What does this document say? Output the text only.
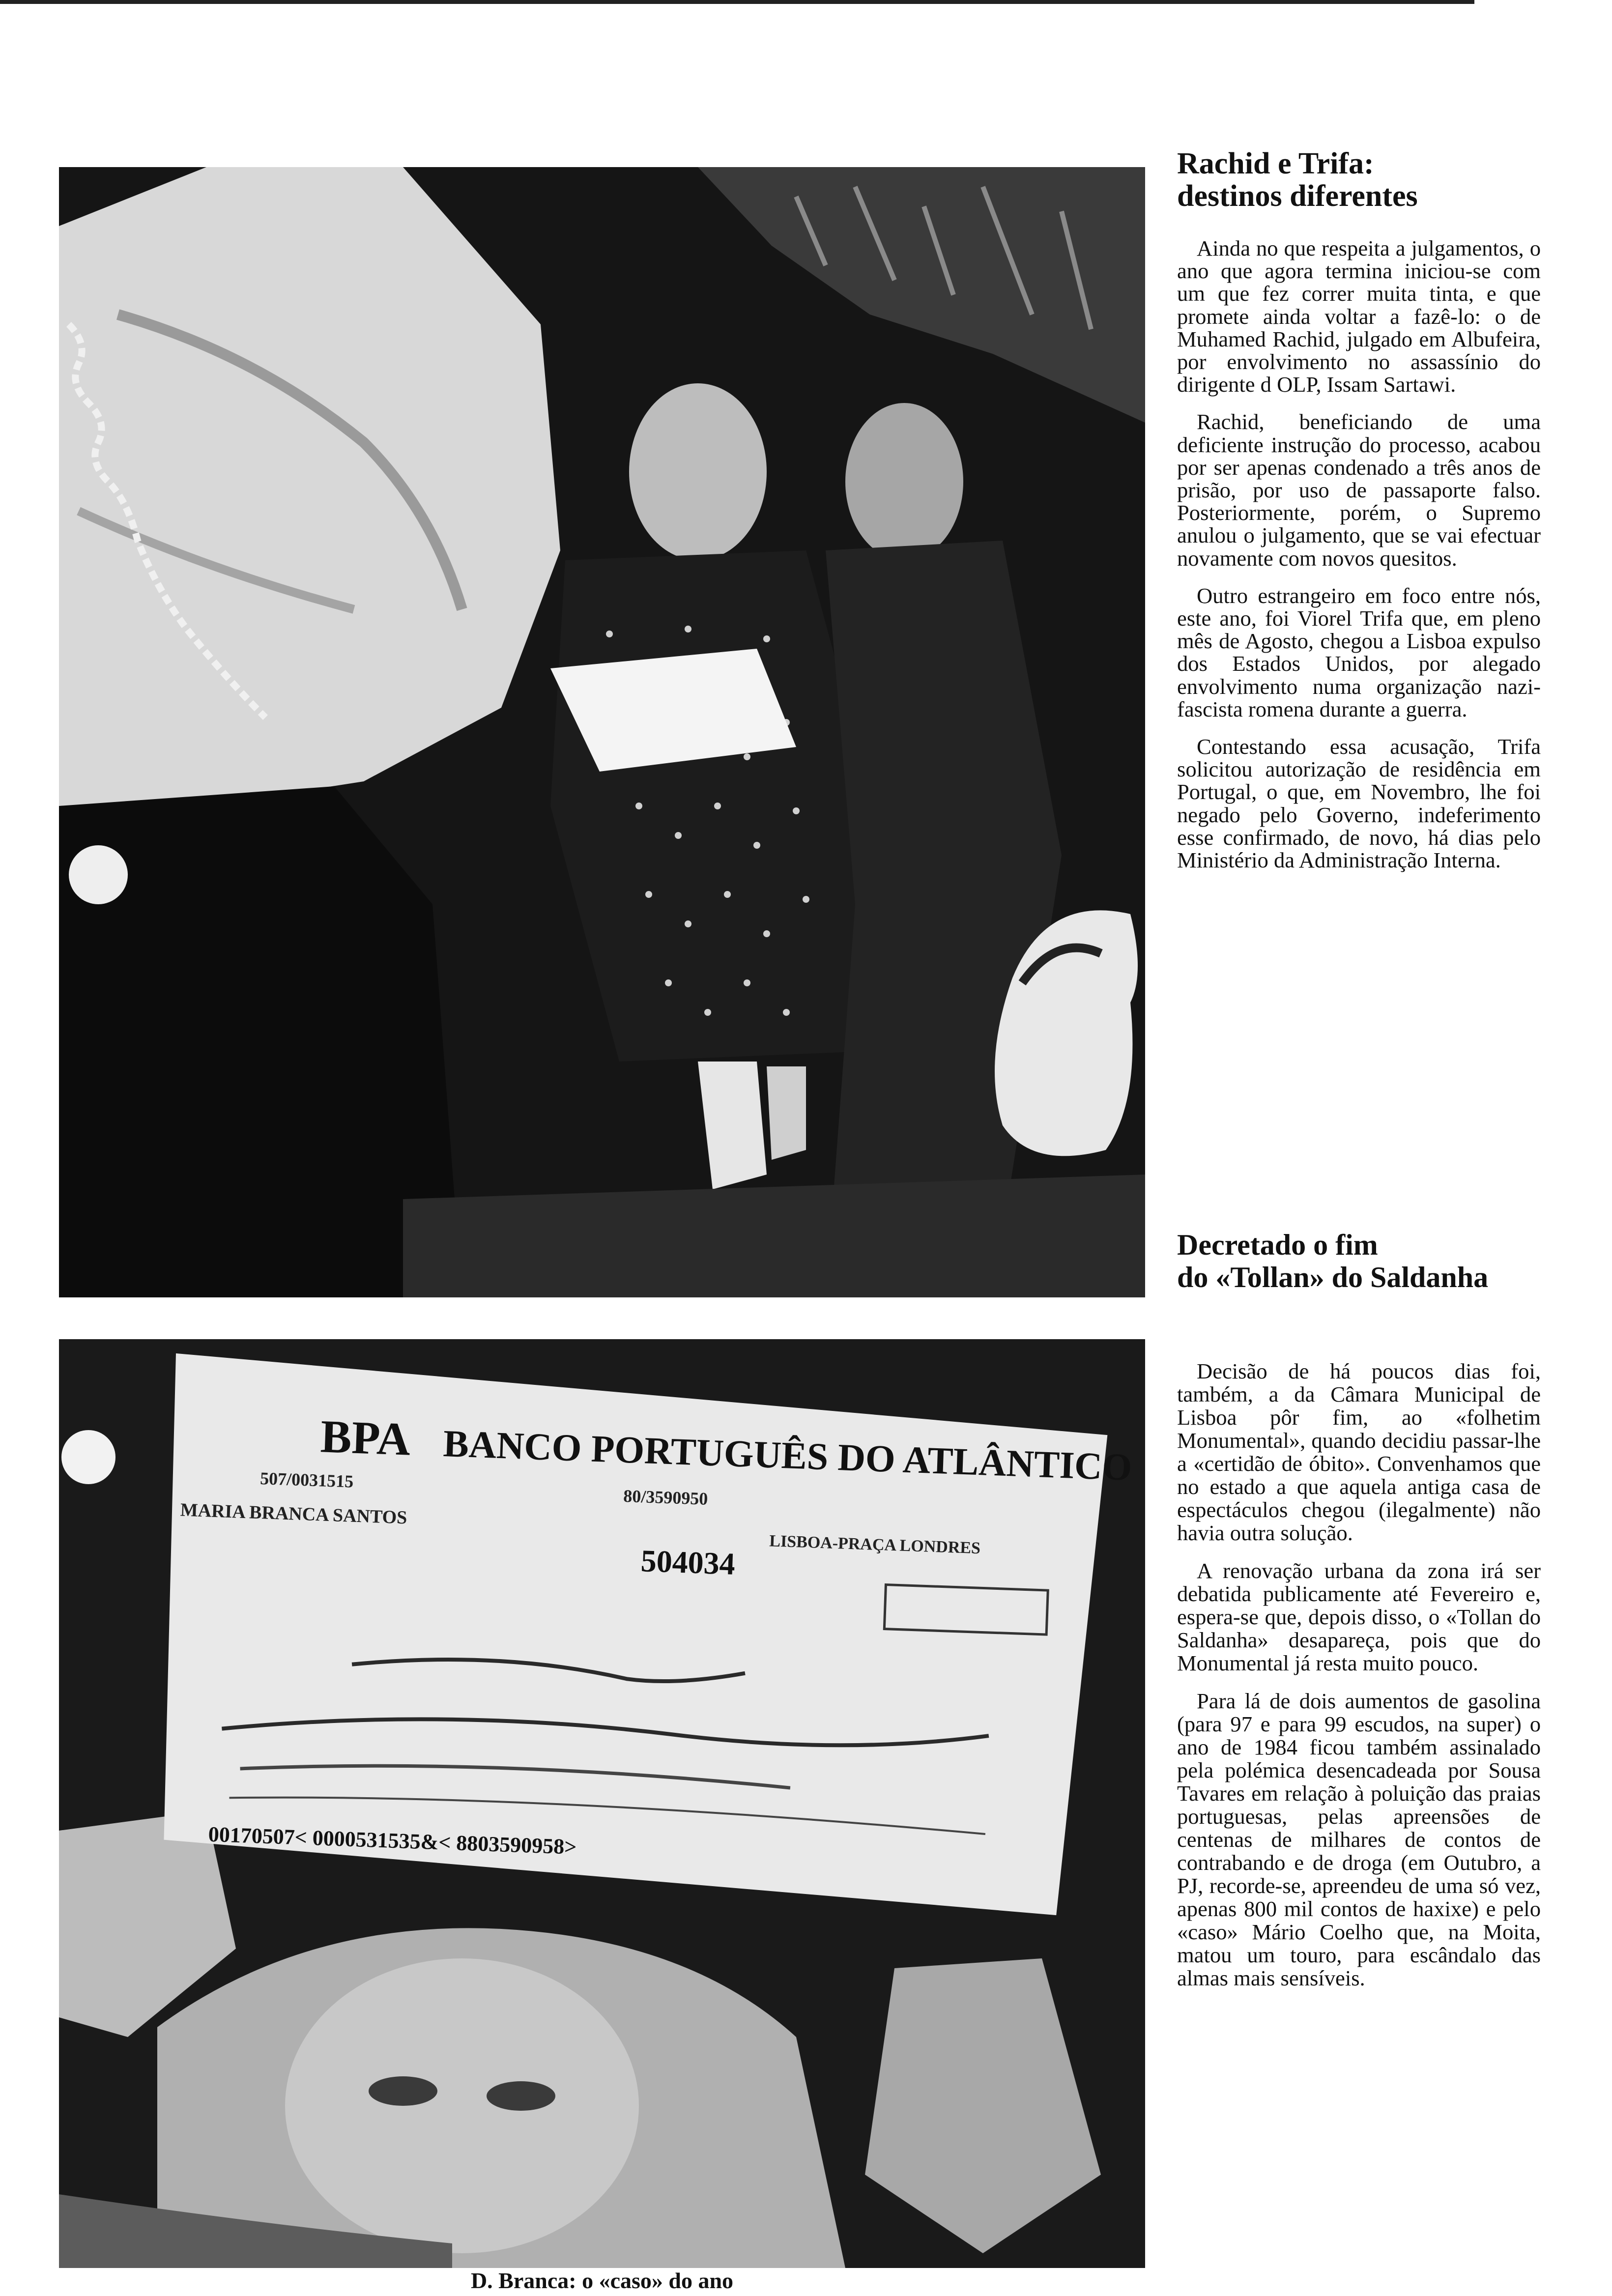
BPA BANCO PORTUGUÊS DO ATLÂNTICO
507/0031515
80/3590950
MARIA BRANCA SANTOS
LISBOA-PRAÇA LONDRES
504034
00170507< 0000531535&< 8803590958>
D. Branca: o «caso» do ano
Rachid e Trifa:
destinos diferentes

Ainda no que respeita a julgamentos, o ano que agora termina iniciou-se com um que fez correr muita tinta, e que promete ainda voltar a fazê-lo: o de Muhamed Rachid, julgado em Albufeira, por envolvimento no assassínio do dirigente d OLP, Issam Sartawi.

Rachid, beneficiando de uma deficiente instrução do processo, acabou por ser apenas condenado a três anos de prisão, por uso de passaporte falso. Posteriormente, porém, o Supremo anulou o julgamento, que se vai efectuar novamente com novos quesitos.

Outro estrangeiro em foco entre nós, este ano, foi Viorel Trifa que, em pleno mês de Agosto, chegou a Lisboa expulso dos Estados Unidos, por alegado envolvimento numa organização nazi-fascista romena durante a guerra.

Contestando essa acusação, Trifa solicitou autorização de residência em Portugal, o que, em Novembro, lhe foi negado pelo Governo, indeferimento esse confirmado, de novo, há dias pelo Ministério da Administração Interna.

Decretado o fim
do «Tollan» do Saldanha

Decisão de há poucos dias foi, também, a da Câmara Municipal de Lisboa pôr fim, ao «folhetim Monumental», quando decidiu passar-lhe a «certidão de óbito». Convenhamos que no estado a que aquela antiga casa de espectáculos chegou (ilegalmente) não havia outra solução.

A renovação urbana da zona irá ser debatida publicamente até Fevereiro e, espera-se que, depois disso, o «Tollan do Saldanha» desapareça, pois que do Monumental já resta muito pouco.

Para lá de dois aumentos de gasolina (para 97 e para 99 escudos, na super) o ano de 1984 ficou também assinalado pela polémica desencadeada por Sousa Tavares em relação à poluição das praias portuguesas, pelas apreensões de centenas de milhares de contos de contrabando e de droga (em Outubro, a PJ, recorde-se, apreendeu de uma só vez, apenas 800 mil contos de haxixe) e pelo «caso» Mário Coelho que, na Moita, matou um touro, para escândalo das almas mais sensíveis.
